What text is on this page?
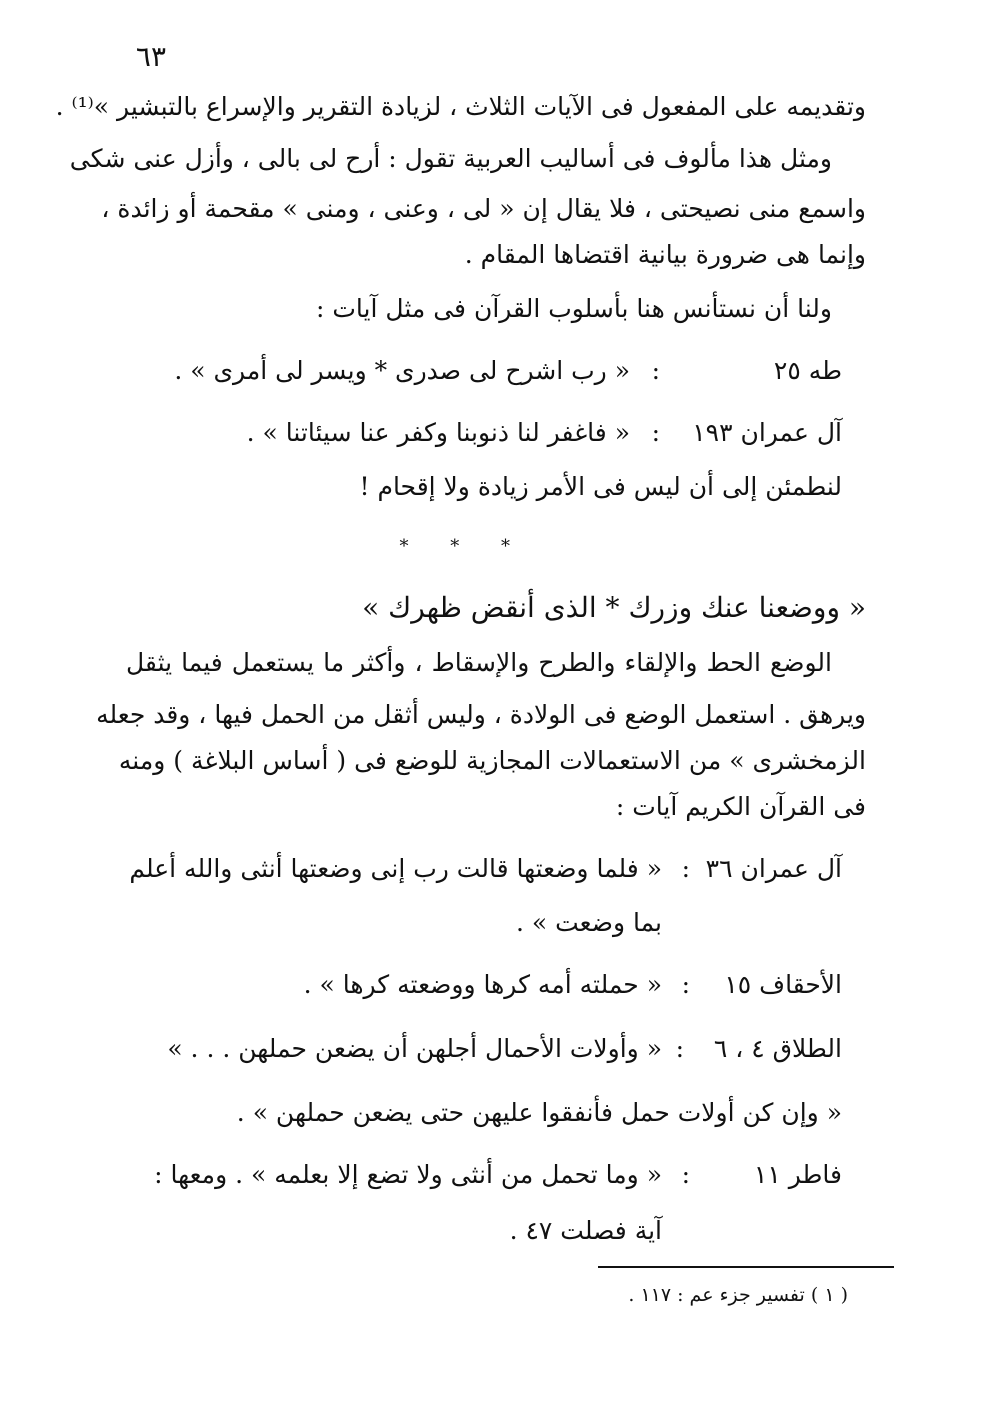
٦٣
وتقديمه على المفعول فى الآيات الثلاث ، لزيادة التقرير والإسراع بالتبشير »⁽¹⁾ .
ومثل هذا مألوف فى أساليب العربية تقول : أرح لى بالى ، وأزل عنى شكى
واسمع منى نصيحتى ، فلا يقال إن « لى ، وعنى ، ومنى » مقحمة أو زائدة ،
وإنما هى ضرورة بيانية اقتضاها المقام .
ولنا أن نستأنس هنا بأسلوب القرآن فى مثل آيات :
طه ٢٥
:
« رب اشرح لى صدرى * ويسر لى أمرى » .
آل عمران ١٩٣
:
« فاغفر لنا ذنوبنا وكفر عنا سيئاتنا » .
لنطمئن إلى أن ليس فى الأمر زيادة ولا إقحام !
* * *
« ووضعنا عنك وزرك * الذى أنقض ظهرك »
الوضع الحط والإلقاء والطرح والإسقاط ، وأكثر ما يستعمل فيما يثقل
ويرهق . استعمل الوضع فى الولادة ، وليس أثقل من الحمل فيها ، وقد جعله
الزمخشرى » من الاستعمالات المجازية للوضع فى ( أساس البلاغة ) ومنه
فى القرآن الكريم آيات :
آل عمران ٣٦
:
« فلما وضعتها قالت رب إنى وضعتها أنثى والله أعلم
بما وضعت » .
الأحقاف ١٥
:
« حملته أمه كرها ووضعته كرها » .
الطلاق ٤ ، ٦
:
« وأولات الأحمال أجلهن أن يضعن حملهن . . . »
« وإن كن أولات حمل فأنفقوا عليهن حتى يضعن حملهن » .
فاطر ١١
:
« وما تحمل من أنثى ولا تضع إلا بعلمه » . ومعها :
آية فصلت ٤٧ .
( ١ ) تفسير جزء عم : ١١٧ .
